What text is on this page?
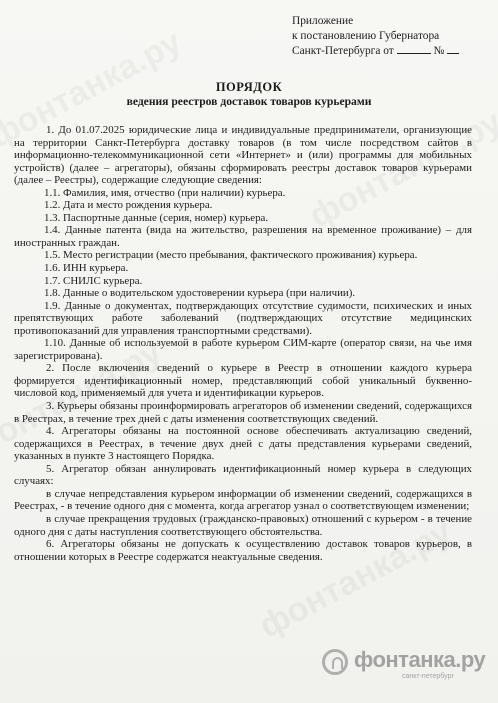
Приложение
к постановлению Губернатора
Санкт-Петербурга от	№
ПОРЯДОК
ведения реестров доставок товаров курьерами

1. До 01.07.2025 юридические лица и индивидуальные предприниматели, организующие на территории Санкт-Петербурга доставку товаров (в том числе посредством сайтов в информационно-телекоммуникационной сети «Интернет» и (или) программы для мобильных устройств) (далее – агрегаторы), обязаны сформировать реестры доставок товаров курьерами (далее – Реестры), содержащие следующие сведения:

1.1. Фамилия, имя, отчество (при наличии) курьера.

1.2. Дата и место рождения курьера.

1.3. Паспортные данные (серия, номер) курьера.

1.4. Данные патента (вида на жительство, разрешения на временное проживание) – для иностранных граждан.

1.5. Место регистрации (место пребывания, фактического проживания) курьера.

1.6. ИНН курьера.

1.7. СНИЛС курьера.

1.8. Данные о водительском удостоверении курьера (при наличии).

1.9. Данные о документах, подтверждающих отсутствие судимости, психических и иных препятствующих работе заболеваний (подтверждающих отсутствие медицинских противопоказаний для управления транспортными средствами).

1.10. Данные об используемой в работе курьером СИМ-карте (оператор связи, на чье имя зарегистрирована).

2. После включения сведений о курьере в Реестр в отношении каждого курьера формируется идентификационный номер, представляющий собой уникальный буквенно-числовой код, применяемый для учета и идентификации курьеров.

3. Курьеры обязаны проинформировать агрегаторов об изменении сведений, содержащихся в Реестрах, в течение трех дней с даты изменения соответствующих сведений.

4. Агрегаторы обязаны на постоянной основе обеспечивать актуализацию сведений, содержащихся в Реестрах, в течение двух дней с даты представления курьерами сведений, указанных в пункте 3 настоящего Порядка.

5. Агрегатор обязан аннулировать идентификационный номер курьера в следующих случаях:

в случае непредставления курьером информации об изменении сведений, содержащихся в Реестрах, - в течение одного дня с момента, когда агрегатор узнал о соответствующем изменении;

в случае прекращения трудовых (гражданско-правовых) отношений с курьером - в течение одного дня с даты наступления соответствующего обстоятельства.

6. Агрегаторы обязаны не допускать к осуществлению доставок товаров курьеров, в отношении которых в Реестре содержатся неактуальные сведения.

фонтанка.ру
санкт-петербург
